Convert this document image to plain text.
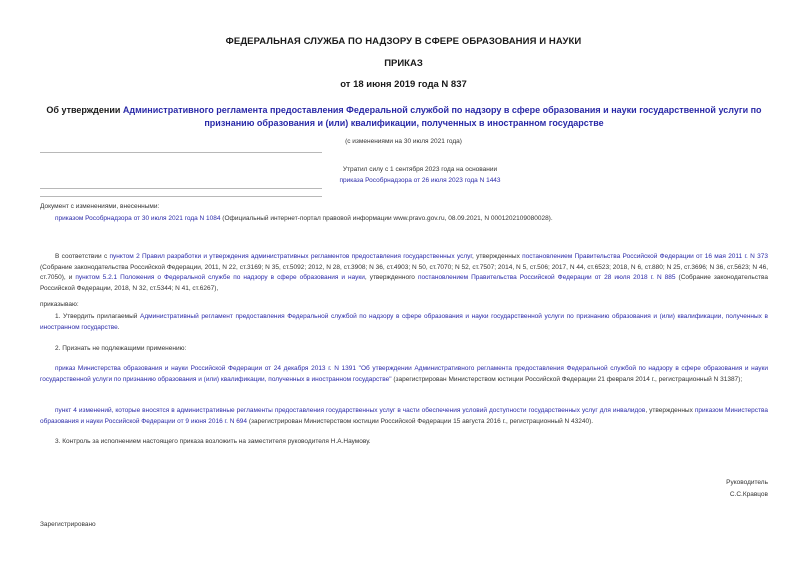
ФЕДЕРАЛЬНАЯ СЛУЖБА ПО НАДЗОРУ В СФЕРЕ ОБРАЗОВАНИЯ И НАУКИ
ПРИКАЗ
от 18 июня 2019 года N 837
Об утверждении Административного регламента предоставления Федеральной службой по надзору в сфере образования и науки государственной услуги по признанию образования и (или) квалификации, полученных в иностранном государстве
(с изменениями на 30 июля 2021 года)
Утратил силу с 1 сентября 2023 года на основании
приказа Рособрнадзора от 26 июля 2023 года N 1443
Документ с изменениями, внесенными:
приказом Рособрнадзора от 30 июля 2021 года N 1084 (Официальный интернет-портал правовой информации www.pravo.gov.ru, 08.09.2021, N 0001202109080028).
В соответствии с пунктом 2 Правил разработки и утверждения административных регламентов предоставления государственных услуг, утвержденных постановлением Правительства Российской Федерации от 16 мая 2011 г. N 373 (Собрание законодательства Российской Федерации, 2011, N 22, ст.3169; N 35, ст.5092; 2012, N 28, ст.3908; N 36, ст.4903; N 50, ст.7070; N 52, ст.7507; 2014, N 5, ст.506; 2017, N 44, ст.6523; 2018, N 6, ст.880; N 25, ст.3696; N 36, ст.5623; N 46, ст.7050), и пунктом 5.2.1 Положения о Федеральной службе по надзору в сфере образования и науки, утвержденного постановлением Правительства Российской Федерации от 28 июля 2018 г. N 885 (Собрание законодательства Российской Федерации, 2018, N 32, ст.5344; N 41, ст.6267),
приказываю:
1. Утвердить прилагаемый Административный регламент предоставления Федеральной службой по надзору в сфере образования и науки государственной услуги по признанию образования и (или) квалификации, полученных в иностранном государстве.
2. Признать не подлежащими применению:
приказ Министерства образования и науки Российской Федерации от 24 декабря 2013 г. N 1391 "Об утверждении Административного регламента предоставления Федеральной службой по надзору в сфере образования и науки государственной услуги по признанию образования и (или) квалификации, полученных в иностранном государстве" (зарегистрирован Министерством юстиции Российской Федерации 21 февраля 2014 г., регистрационный N 31387);
пункт 4 изменений, которые вносятся в административные регламенты предоставления государственных услуг в части обеспечения условий доступности государственных услуг для инвалидов, утвержденных приказом Министерства образования и науки Российской Федерации от 9 июня 2016 г. N 694 (зарегистрирован Министерством юстиции Российской Федерации 15 августа 2016 г., регистрационный N 43240).
3. Контроль за исполнением настоящего приказа возложить на заместителя руководителя Н.А.Наумову.
Руководитель
С.С.Кравцов
Зарегистрировано
